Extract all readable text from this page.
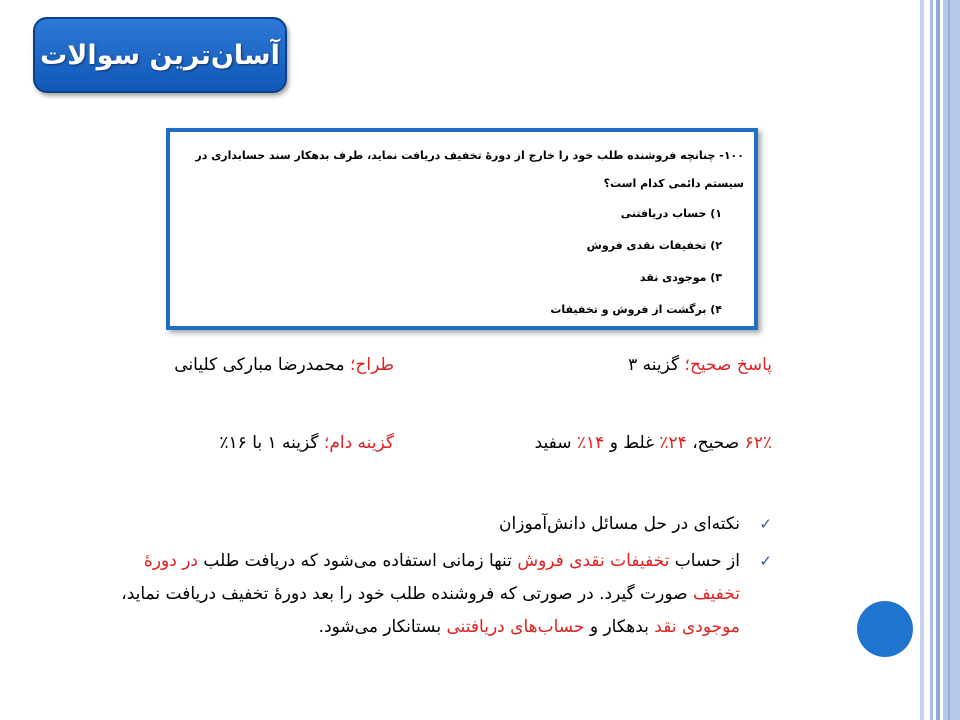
آسان‌ترین سوالات
۱۰۰- چنانچه فروشنده طلب خود را خارج از دورهٔ تخفیف دریافت نماید، طرف بدهکار سند حسابداری در سیستم دائمی کدام است؟
۱) حساب دریافتنی
۲) تخفیفات نقدی فروش
۳) موجودی نقد
۴) برگشت از فروش و تخفیفات
پاسخ صحیح؛ گزینه ۳
طراح؛ محمدرضا مبارکی کلیانی
۶۲٪ صحیح، ۲۴٪ غلط و ۱۴٪ سفید
گزینه دام؛ گزینه ۱ با ۱۶٪
✓
نکته‌ای در حل مسائل دانش‌آموزان
✓
از حساب تخفیفات نقدی فروش تنها زمانی استفاده می‌شود که دریافت طلب در دورهٔ تخفیف صورت گیرد. در صورتی که فروشنده طلب خود را بعد دورهٔ تخفیف دریافت نماید، موجودی نقد بدهکار و حساب‌های دریافتنی بستانکار می‌شود.
